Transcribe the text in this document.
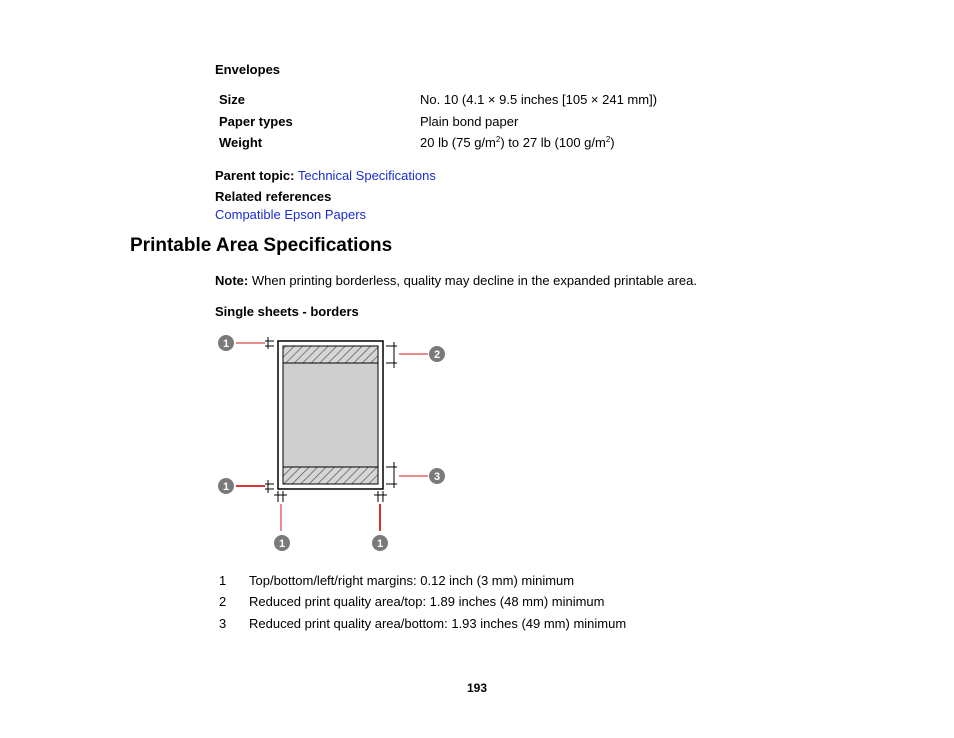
Envelopes
Size	No. 10 (4.1 × 9.5 inches [105 × 241 mm])
Paper types	Plain bond paper
Weight	20 lb (75 $g/m^2$) to 27 lb (100 $g/m^2$)
Parent topic: Technical Specifications
Related references
Compatible Epson Papers
Printable Area Specifications
Note: When printing borderless, quality may decline in the expanded printable area.
Single sheets - borders
1
2
3
1
1	1
1 Top/bottom/left/right margins: 0.12 inch (3 mm) minimum
2 Reduced print quality area/top: 1.89 inches (48 mm) minimum
3 Reduced print quality area/bottom: 1.93 inches (49 mm) minimum
193
